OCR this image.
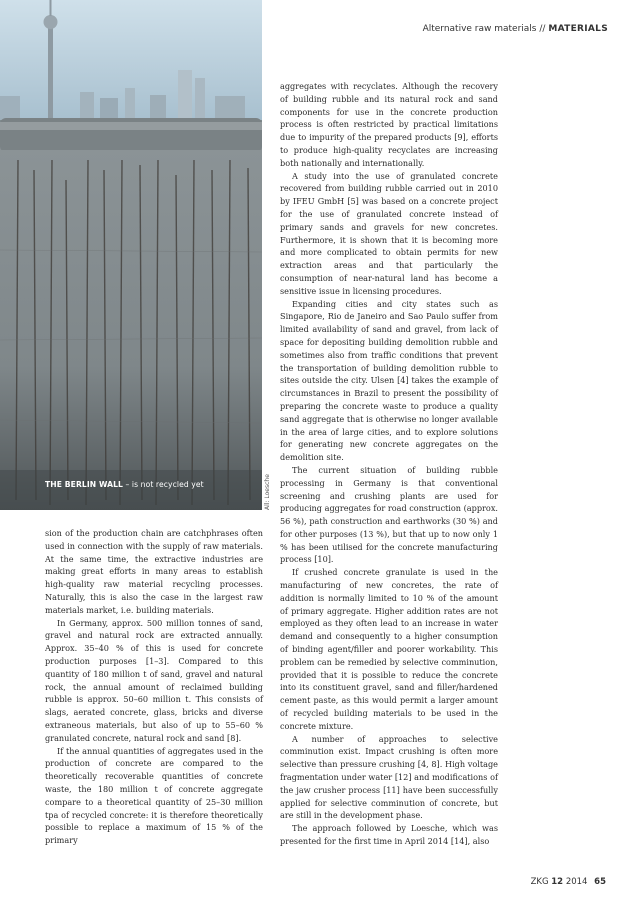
THE BERLIN WALL – is not recycled yet	All: Loesche
Alternative raw materials // MATERIALS

sion of the production chain are catchphrases often used in connection with the supply of raw materials. At the same time, the extractive industries are making great efforts in many areas to establish high-quality raw material recycling processes. Naturally, this is also the case in the largest raw materials market, i.e. building materials.

In Germany, approx. 500 million tonnes of sand, gravel and natural rock are extracted annually. Approx. 35–40 % of this is used for concrete production purposes [1–3]. Compared to this quantity of 180 million t of sand, gravel and natural rock, the annual amount of reclaimed building rubble is approx. 50–60 million t. This consists of slags, aerated concrete, glass, bricks and diverse extraneous materials, but also of up to 55–60 % granulated concrete, natural rock and sand [8].

If the annual quantities of aggregates used in the production of concrete are compared to the theoretically recoverable quantities of concrete waste, the 180 million t of concrete aggregate compare to a theoretical quantity of 25–30 million tpa of recycled concrete: it is therefore theoretically possible to replace a maximum of 15 % of the primary

aggregates with recyclates. Although the recovery of building rubble and its natural rock and sand components for use in the concrete production process is often restricted by practical limitations due to impurity of the prepared products [9], efforts to produce high-quality recyclates are increasing both nationally and internationally.

A study into the use of granulated concrete recovered from building rubble carried out in 2010 by IFEU GmbH [5] was based on a concrete project for the use of granulated concrete instead of primary sands and gravels for new concretes. Furthermore, it is shown that it is becoming more and more complicated to obtain permits for new extraction areas and that particularly the consumption of near-natural land has become a sensitive issue in licensing procedures.

Expanding cities and city states such as Singapore, Rio de Janeiro and Sao Paulo suffer from limited availability of sand and gravel, from lack of space for depositing building demolition rubble and sometimes also from traffic conditions that prevent the transportation of building demolition rubble to sites outside the city. Ulsen [4] takes the example of circumstances in Brazil to present the possibility of preparing the concrete waste to produce a quality sand aggregate that is otherwise no longer available in the area of large cities, and to explore solutions for generating new concrete aggregates on the demolition site.

The current situation of building rubble processing in Germany is that conventional screening and crushing plants are used for producing aggregates for road construction (approx. 56 %), path construction and earthworks (30 %) and for other purposes (13 %), but that up to now only 1 % has been utilised for the concrete manufacturing process [10].

If crushed concrete granulate is used in the manufacturing of new concretes, the rate of addition is normally limited to 10 % of the amount of primary aggregate. Higher addition rates are not employed as they often lead to an increase in water demand and consequently to a higher consumption of binding agent/filler and poorer workability. This problem can be remedied by selective comminution, provided that it is possible to reduce the concrete into its constituent gravel, sand and filler/hardened cement paste, as this would permit a larger amount of recycled building materials to be used in the concrete mixture.

A number of approaches to selective comminution exist. Impact crushing is often more selective than pressure crushing [4, 8]. High voltage fragmentation under water [12] and modifications of the jaw crusher process [11] have been successfully applied for selective comminution of concrete, but are still in the development phase.

The approach followed by Loesche, which was presented for the first time in April 2014 [14], also

ZKG 12 2014 65
